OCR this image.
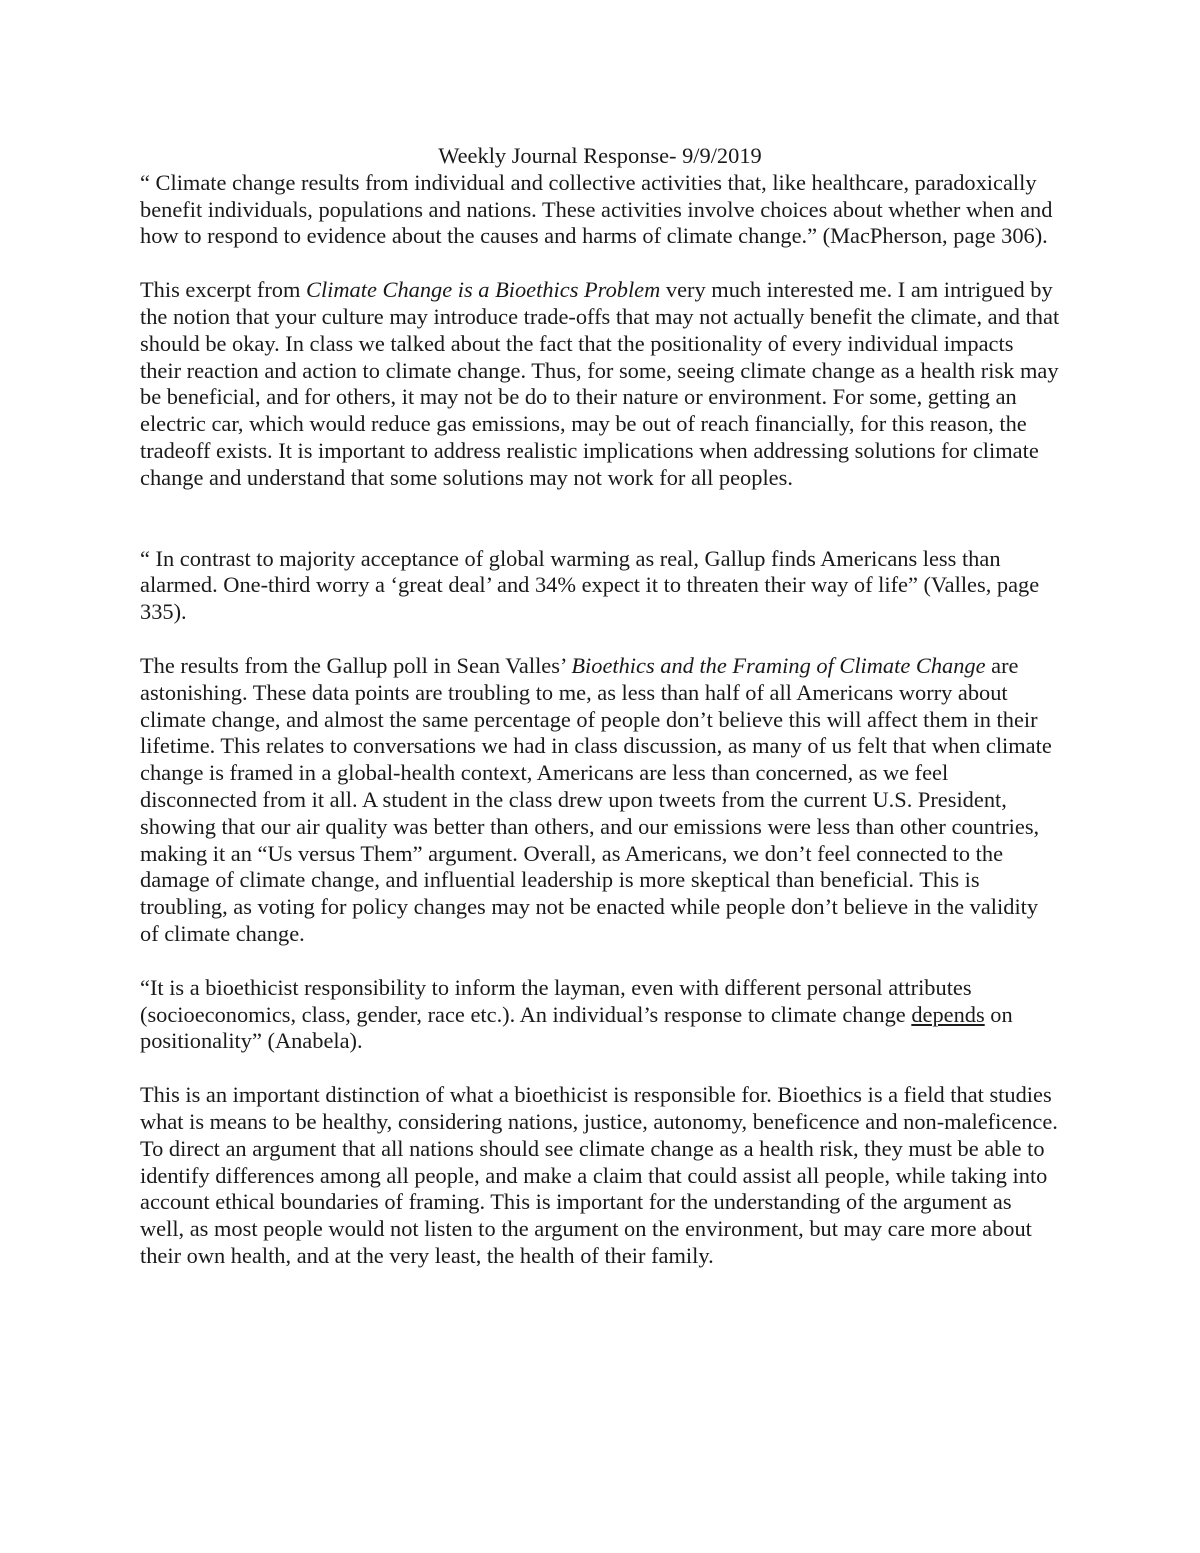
Weekly Journal Response- 9/9/2019

“ Climate change results from individual and collective activities that, like healthcare, paradoxically benefit individuals, populations and nations. These activities involve choices about whether when and how to respond to evidence about the causes and harms of climate change.” (MacPherson, page 306).

This excerpt from Climate Change is a Bioethics Problem very much interested me. I am intrigued by the notion that your culture may introduce trade-offs that may not actually benefit the climate, and that should be okay. In class we talked about the fact that the positionality of every individual impacts their reaction and action to climate change. Thus, for some, seeing climate change as a health risk may be beneficial, and for others, it may not be do to their nature or environment. For some, getting an electric car, which would reduce gas emissions, may be out of reach financially, for this reason, the tradeoff exists. It is important to address realistic implications when addressing solutions for climate change and understand that some solutions may not work for all peoples.

“ In contrast to majority acceptance of global warming as real, Gallup finds Americans less than alarmed. One-third worry a ‘great deal’ and 34% expect it to threaten their way of life” (Valles, page 335).

The results from the Gallup poll in Sean Valles’ Bioethics and the Framing of Climate Change are astonishing. These data points are troubling to me, as less than half of all Americans worry about climate change, and almost the same percentage of people don’t believe this will affect them in their lifetime. This relates to conversations we had in class discussion, as many of us felt that when climate change is framed in a global-health context, Americans are less than concerned, as we feel disconnected from it all. A student in the class drew upon tweets from the current U.S. President, showing that our air quality was better than others, and our emissions were less than other countries, making it an “Us versus Them” argument. Overall, as Americans, we don’t feel connected to the damage of climate change, and influential leadership is more skeptical than beneficial. This is troubling, as voting for policy changes may not be enacted while people don’t believe in the validity of climate change.

“It is a bioethicist responsibility to inform the layman, even with different personal attributes (socioeconomics, class, gender, race etc.). An individual’s response to climate change depends on positionality” (Anabela).

This is an important distinction of what a bioethicist is responsible for. Bioethics is a field that studies what is means to be healthy, considering nations, justice, autonomy, beneficence and non-maleficence. To direct an argument that all nations should see climate change as a health risk, they must be able to identify differences among all people, and make a claim that could assist all people, while taking into account ethical boundaries of framing. This is important for the understanding of the argument as well, as most people would not listen to the argument on the environment, but may care more about their own health, and at the very least, the health of their family.
